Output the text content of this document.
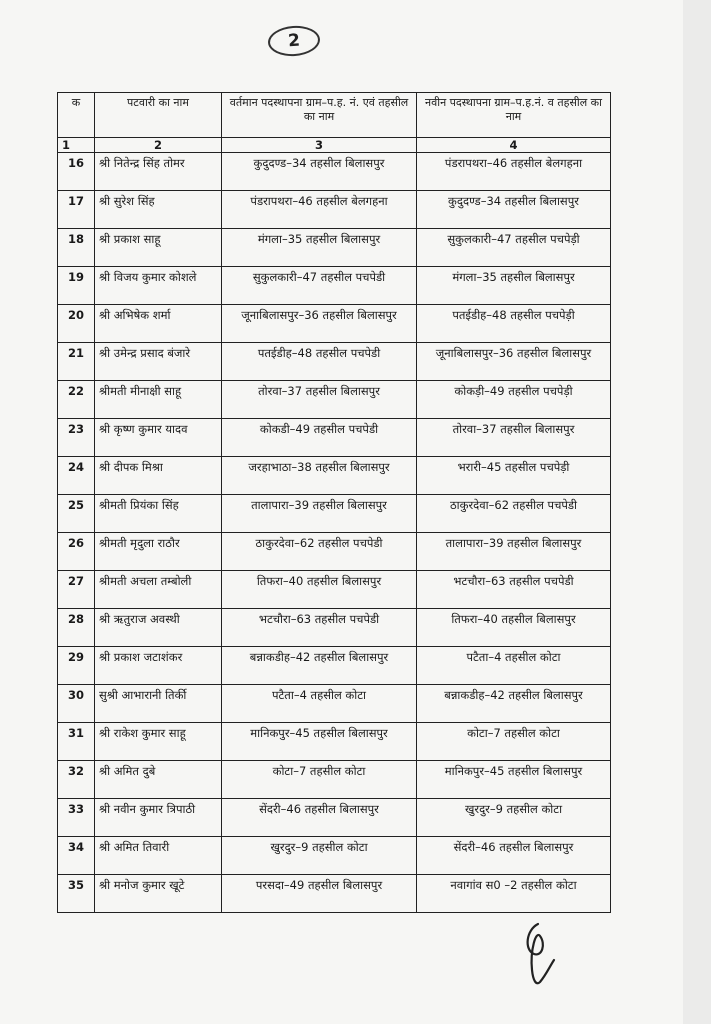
2
क	पटवारी का नाम	वर्तमान पदस्थापना ग्राम–प.ह. नं. एवं तहसील का नाम	नवीन पदस्थापना ग्राम–प.ह.नं. व तहसील का नाम
1	2	3	4
16	श्री नितेन्द्र सिंह तोमर	कुदुदण्ड–34 तहसील बिलासपुर	पंडरापथरा–46 तहसील बेलगहना
17	श्री सुरेश सिंह	पंडरापथरा–46 तहसील बेलगहना	कुदुदण्ड–34 तहसील बिलासपुर
18	श्री प्रकाश साहू	मंगला–35 तहसील बिलासपुर	सुकुलकारी–47 तहसील पचपेड़ी
19	श्री विजय कुमार कोशले	सुकुलकारी–47 तहसील पचपेडी	मंगला–35 तहसील बिलासपुर
20	श्री अभिषेक शर्मा	जूनाबिलासपुर–36 तहसील बिलासपुर	पतईडीह–48 तहसील पचपेड़ी
21	श्री उमेन्द्र प्रसाद बंजारे	पतईडीह–48 तहसील पचपेडी	जूनाबिलासपुर–36 तहसील बिलासपुर
22	श्रीमती मीनाक्षी साहू	तोरवा–37 तहसील बिलासपुर	कोकड़ी–49 तहसील पचपेड़ी
23	श्री कृष्ण कुमार यादव	कोकडी–49 तहसील पचपेडी	तोरवा–37 तहसील बिलासपुर
24	श्री दीपक मिश्रा	जरहाभाठा–38 तहसील बिलासपुर	भरारी–45 तहसील पचपेड़ी
25	श्रीमती प्रियंका सिंह	तालापारा–39 तहसील बिलासपुर	ठाकुरदेवा–62 तहसील पचपेडी
26	श्रीमती मृदुला राठौर	ठाकुरदेवा–62 तहसील पचपेडी	तालापारा–39 तहसील बिलासपुर
27	श्रीमती अचला तम्बोली	तिफरा–40 तहसील बिलासपुर	भटचौरा–63 तहसील पचपेडी
28	श्री ऋतुराज अवस्थी	भटचौरा–63 तहसील पचपेडी	तिफरा–40 तहसील बिलासपुर
29	श्री प्रकाश जटाशंकर	बन्नाकडीह–42 तहसील बिलासपुर	पटैता–4 तहसील कोटा
30	सुश्री आभारानी तिर्की	पटैता–4 तहसील कोटा	बन्नाकडीह–42 तहसील बिलासपुर
31	श्री राकेश कुमार साहू	मानिकपुर–45 तहसील बिलासपुर	कोटा–7 तहसील कोटा
32	श्री अमित दुबे	कोटा–7 तहसील कोटा	मानिकपुर–45 तहसील बिलासपुर
33	श्री नवीन कुमार त्रिपाठी	सेंदरी–46 तहसील बिलासपुर	खुरदुर–9 तहसील कोटा
34	श्री अमित तिवारी	खुरदुर–9 तहसील कोटा	सेंदरी–46 तहसील बिलासपुर
35	श्री मनोज कुमार खूटे	परसदा–49 तहसील बिलासपुर	नवागांव स0 –2 तहसील कोटा
